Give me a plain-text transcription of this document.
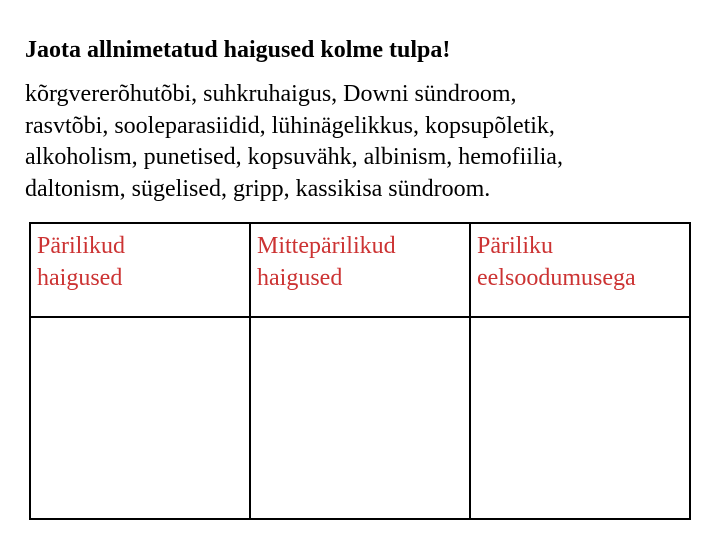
Jaota allnimetatud haigused kolme tulpa!
kõrgvererõhutõbi, suhkruhaigus, Downi sündroom,
rasvtõbi, sooleparasiidid, lühinägelikkus, kopsupõletik,
alkoholism, punetised, kopsuvähk, albinism, hemofiilia,
daltonism, sügelised, gripp, kassikisa sündroom.
Pärilikud
haigused	Mittepärilikud
haigused	Päriliku
eelsoodumusega
